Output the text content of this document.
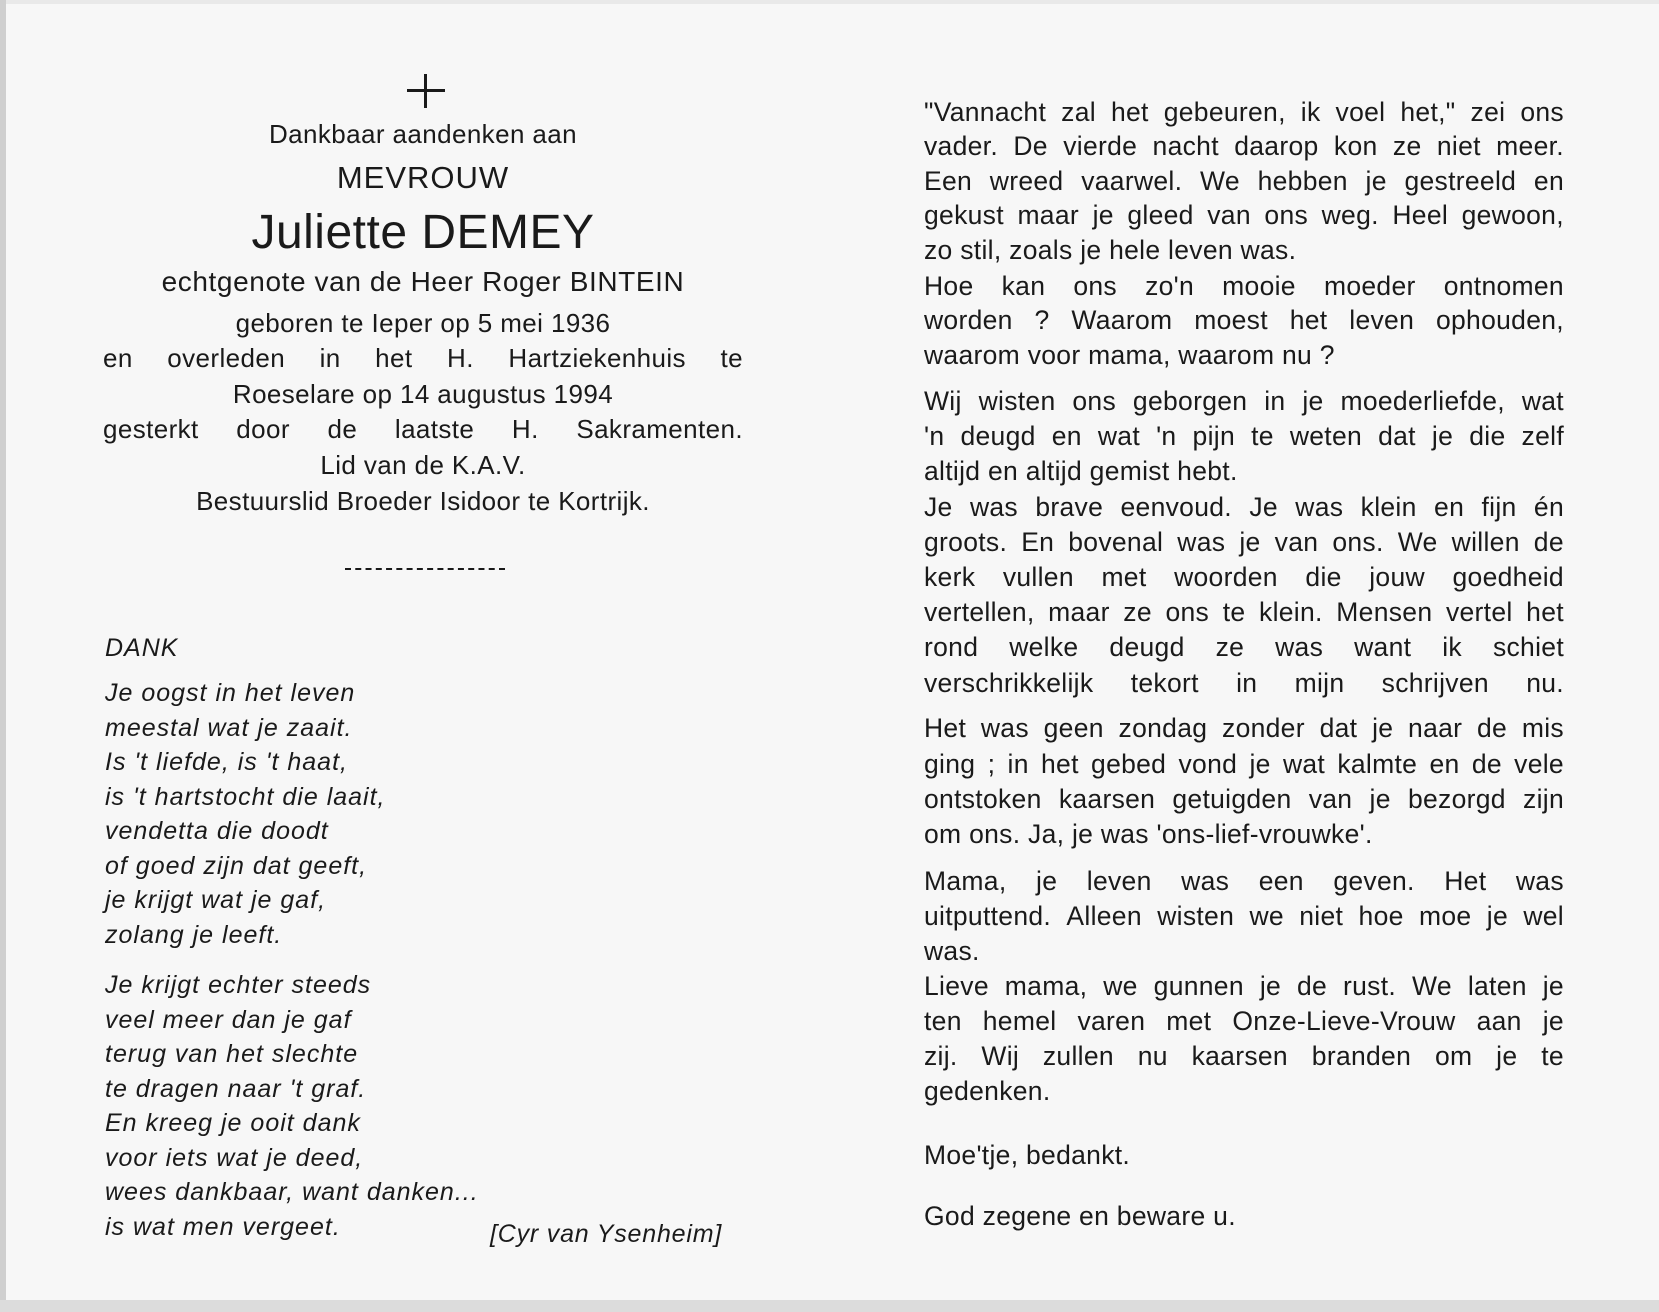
Dankbaar aandenken aan
MEVROUW
Juliette DEMEY
echtgenote van de Heer Roger BINTEIN
geboren te Ieper op 5 mei 1936
en overleden in het H. Hartziekenhuis te
Roeselare op 14 augustus 1994
gesterkt door de laatste H. Sakramenten.
Lid van de K.A.V.
Bestuurslid Broeder Isidoor te Kortrijk.
DANK
Je oogst in het leven
meestal wat je zaait.
Is 't liefde, is 't haat,
is 't hartstocht die laait,
vendetta die doodt
of goed zijn dat geeft,
je krijgt wat je gaf,
zolang je leeft.
Je krijgt echter steeds
veel meer dan je gaf
terug van het slechte
te dragen naar 't graf.
En kreeg je ooit dank
voor iets wat je deed,
wees dankbaar, want danken...
is wat men vergeet.	[Cyr van Ysenheim]
"Vannacht zal het gebeuren, ik voel het," zei ons
vader. De vierde nacht daarop kon ze niet meer.
Een wreed vaarwel. We hebben je gestreeld en
gekust maar je gleed van ons weg. Heel gewoon,
zo stil, zoals je hele leven was.
Hoe kan ons zo'n mooie moeder ontnomen
worden ? Waarom moest het leven ophouden,
waarom voor mama, waarom nu ?
Wij wisten ons geborgen in je moederliefde, wat
'n deugd en wat 'n pijn te weten dat je die zelf
altijd en altijd gemist hebt.
Je was brave eenvoud. Je was klein en fijn én
groots. En bovenal was je van ons. We willen de
kerk vullen met woorden die jouw goedheid
vertellen, maar ze ons te klein. Mensen vertel het
rond welke deugd ze was want ik schiet
verschrikkelijk tekort in mijn schrijven nu.
Het was geen zondag zonder dat je naar de mis
ging ; in het gebed vond je wat kalmte en de vele
ontstoken kaarsen getuigden van je bezorgd zijn
om ons. Ja, je was 'ons-lief-vrouwke'.
Mama, je leven was een geven. Het was
uitputtend. Alleen wisten we niet hoe moe je wel
was.
Lieve mama, we gunnen je de rust. We laten je
ten hemel varen met Onze-Lieve-Vrouw aan je
zij. Wij zullen nu kaarsen branden om je te
gedenken.
Moe'tje, bedankt.
God zegene en beware u.
